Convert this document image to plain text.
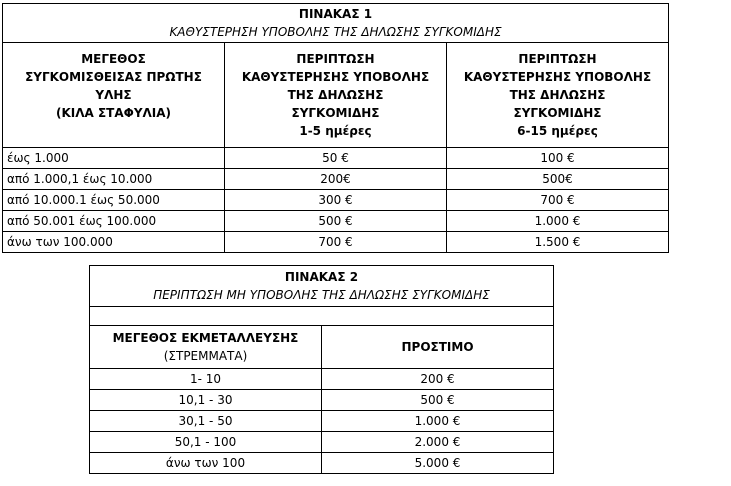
ΠΙΝΑΚΑΣ 1
ΚΑΘΥΣΤΕΡΗΣΗ ΥΠΟΒΟΛΗΣ ΤΗΣ ΔΗΛΩΣΗΣ ΣΥΓΚΟΜΙΔΗΣ		

ΜΕΓΕΘΟΣ
ΣΥΓΚΟΜΙΣΘΕΙΣΑΣ ΠΡΩΤΗΣ
ΥΛΗΣ
(ΚΙΛΑ ΣΤΑΦΥΛΙΑ)	ΠΕΡΙΠΤΩΣΗ
ΚΑΘΥΣΤΕΡΗΣΗΣ ΥΠΟΒΟΛΗΣ
ΤΗΣ ΔΗΛΩΣΗΣ
ΣΥΓΚΟΜΙΔΗΣ
1-5 ημέρες	ΠΕΡΙΠΤΩΣΗ
ΚΑΘΥΣΤΕΡΗΣΗΣ ΥΠΟΒΟΛΗΣ
ΤΗΣ ΔΗΛΩΣΗΣ
ΣΥΓΚΟΜΙΔΗΣ
6-15 ημέρες

έως 1.000	50 €	100 €
από 1.000,1 έως 10.000	200€	500€
από 10.000.1 έως 50.000	300 €	700 €
από 50.001 έως 100.000	500 €	1.000 €
άνω των 100.000	700 €	1.500 €
ΠΙΝΑΚΑΣ 2
ΠΕΡΙΠΤΩΣΗ ΜΗ ΥΠΟΒΟΛΗΣ ΤΗΣ ΔΗΛΩΣΗΣ ΣΥΓΚΟΜΙΔΗΣ	

ΜΕΓΕΘΟΣ ΕΚΜΕΤΑΛΛΕΥΣΗΣ
(ΣΤΡΕΜΜΑΤΑ)	ΠΡΟΣΤΙΜΟ
1- 10	200 €
10,1 - 30	500 €
30,1 - 50	1.000 €
50,1 - 100	2.000 €
άνω των 100	5.000 €
